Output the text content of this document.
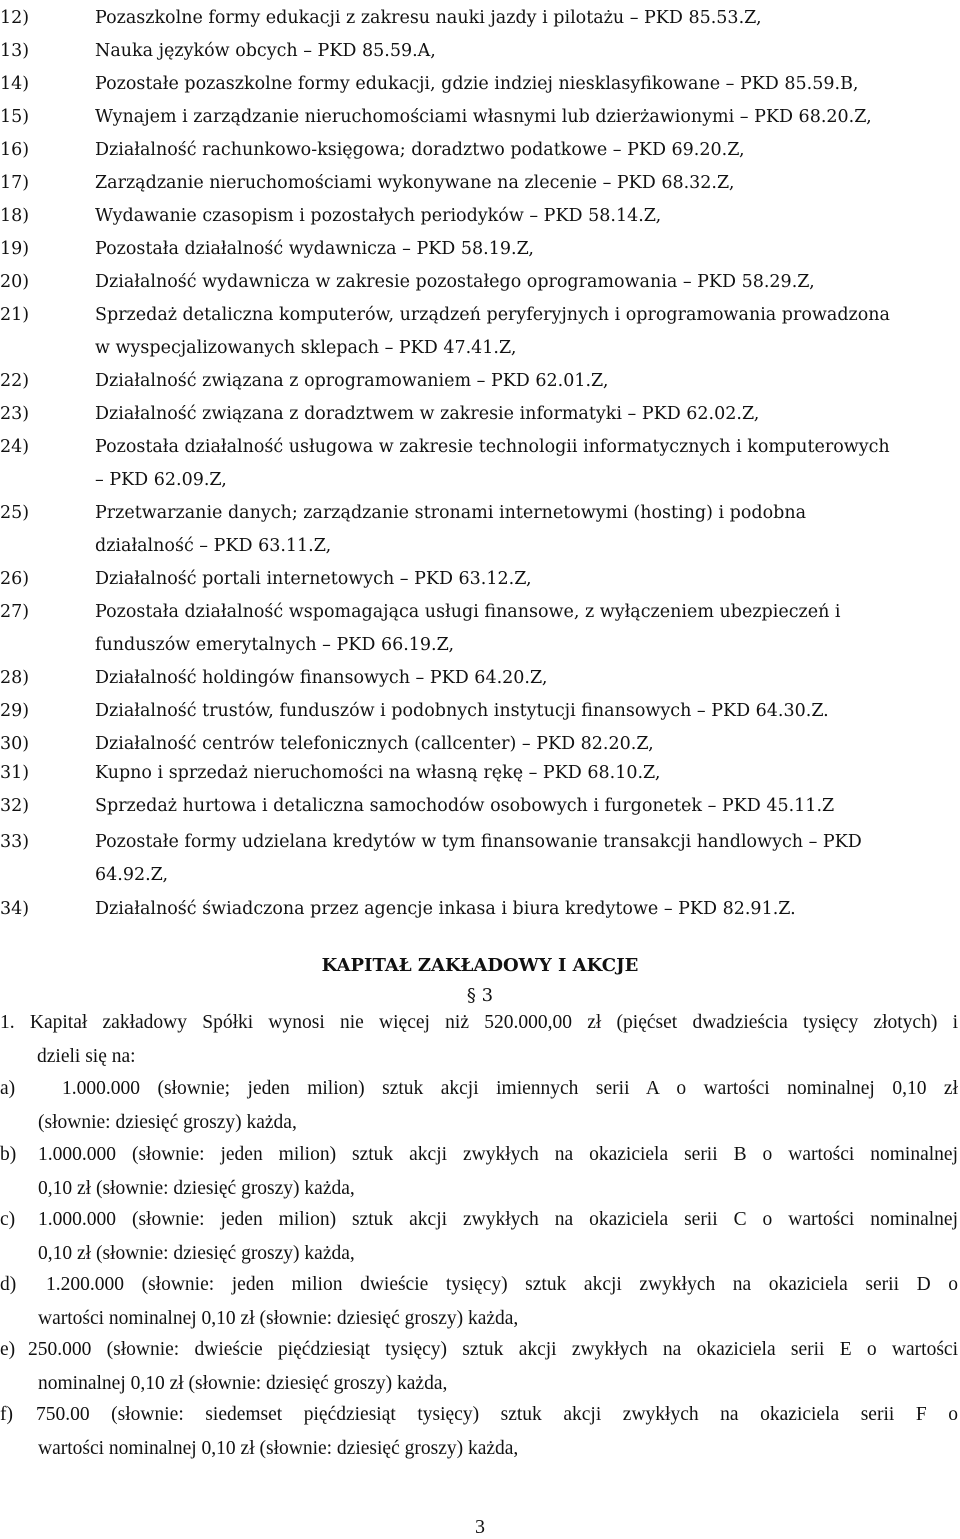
12)	Pozaszkolne formy edukacji z zakresu nauki jazdy i pilotażu – PKD 85.53.Z,
13)	Nauka języków obcych – PKD 85.59.A,
14)	Pozostałe pozaszkolne formy edukacji, gdzie indziej niesklasyfikowane – PKD 85.59.B,
15)	Wynajem i zarządzanie nieruchomościami własnymi lub dzierżawionymi – PKD 68.20.Z,
16)	Działalność rachunkowo-księgowa; doradztwo podatkowe – PKD 69.20.Z,
17)	Zarządzanie nieruchomościami wykonywane na zlecenie – PKD 68.32.Z,
18)	Wydawanie czasopism i pozostałych periodyków – PKD 58.14.Z,
19)	Pozostała działalność wydawnicza – PKD 58.19.Z,
20)	Działalność wydawnicza w zakresie pozostałego oprogramowania – PKD 58.29.Z,
21)	Sprzedaż detaliczna komputerów, urządzeń peryferyjnych i oprogramowania prowadzona
w wyspecjalizowanych sklepach – PKD 47.41.Z,
22)	Działalność związana z oprogramowaniem – PKD 62.01.Z,
23)	Działalność związana z doradztwem w zakresie informatyki – PKD 62.02.Z,
24)	Pozostała działalność usługowa w zakresie technologii informatycznych i komputerowych
– PKD 62.09.Z,
25)	Przetwarzanie danych; zarządzanie stronami internetowymi (hosting) i podobna
działalność – PKD 63.11.Z,
26)	Działalność portali internetowych – PKD 63.12.Z,
27)	Pozostała działalność wspomagająca usługi finansowe, z wyłączeniem ubezpieczeń i
funduszów emerytalnych – PKD 66.19.Z,
28)	Działalność holdingów finansowych – PKD 64.20.Z,
29)	Działalność trustów, funduszów i podobnych instytucji finansowych – PKD 64.30.Z.
30)	Działalność centrów telefonicznych (callcenter) – PKD 82.20.Z,
31)	Kupno i sprzedaż nieruchomości na własną rękę – PKD 68.10.Z,
32)	Sprzedaż hurtowa i detaliczna samochodów osobowych i furgonetek – PKD 45.11.Z
33)	Pozostałe formy udzielana kredytów w tym finansowanie transakcji handlowych – PKD
64.92.Z,
34)	Działalność świadczona przez agencje inkasa i biura kredytowe – PKD 82.91.Z.
KAPITAŁ ZAKŁADOWY I AKCJE
§ 3
1. Kapitał zakładowy Spółki wynosi nie więcej niż 520.000,00 zł (pięćset dwadzieścia tysięcy złotych) i
dzieli się na:
a)	1.000.000 (słownie; jeden milion) sztuk akcji imiennych serii A o wartości nominalnej 0,10 zł
(słownie: dziesięć groszy) każda,
b)	1.000.000 (słownie: jeden milion) sztuk akcji zwykłych na okaziciela serii B o wartości nominalnej
0,10 zł (słownie: dziesięć groszy) każda,
c)	1.000.000 (słownie: jeden milion) sztuk akcji zwykłych na okaziciela serii C o wartości nominalnej
0,10 zł (słownie: dziesięć groszy) każda,
d)	1.200.000 (słownie: jeden milion dwieście tysięcy) sztuk akcji zwykłych na okaziciela serii D o
wartości nominalnej 0,10 zł (słownie: dziesięć groszy) każda,
e) 250.000 (słownie: dwieście pięćdziesiąt tysięcy) sztuk akcji zwykłych na okaziciela serii E o wartości
nominalnej 0,10 zł (słownie: dziesięć groszy) każda,
f)	750.00 (słownie: siedemset pięćdziesiąt tysięcy) sztuk akcji zwykłych na okaziciela serii F o
wartości nominalnej 0,10 zł (słownie: dziesięć groszy) każda,
3
